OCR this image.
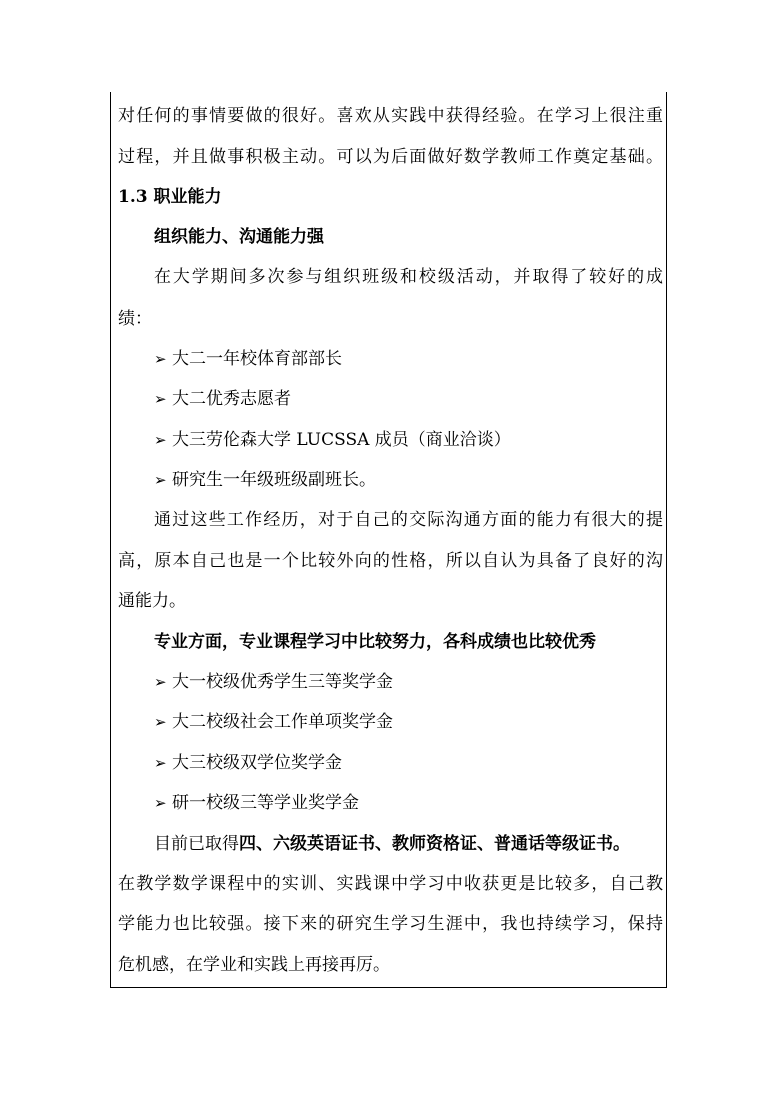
对任何的事情要做的很好。喜欢从实践中获得经验。在学习上很注重
过程，并且做事积极主动。可以为后面做好数学教师工作奠定基础。
1.3 职业能力
组织能力、沟通能力强
在大学期间多次参与组织班级和校级活动，并取得了较好的成
绩：
➢ 大二一年校体育部部长
➢ 大二优秀志愿者
➢ 大三劳伦森大学 LUCSSA 成员（商业洽谈）
➢ 研究生一年级班级副班长。
通过这些工作经历，对于自己的交际沟通方面的能力有很大的提
高，原本自己也是一个比较外向的性格，所以自认为具备了良好的沟
通能力。
专业方面，专业课程学习中比较努力，各科成绩也比较优秀
➢ 大一校级优秀学生三等奖学金
➢ 大二校级社会工作单项奖学金
➢ 大三校级双学位奖学金
➢ 研一校级三等学业奖学金
目前已取得四、六级英语证书、教师资格证、普通话等级证书。
在教学数学课程中的实训、实践课中学习中收获更是比较多，自己教
学能力也比较强。接下来的研究生学习生涯中，我也持续学习，保持
危机感，在学业和实践上再接再厉。
